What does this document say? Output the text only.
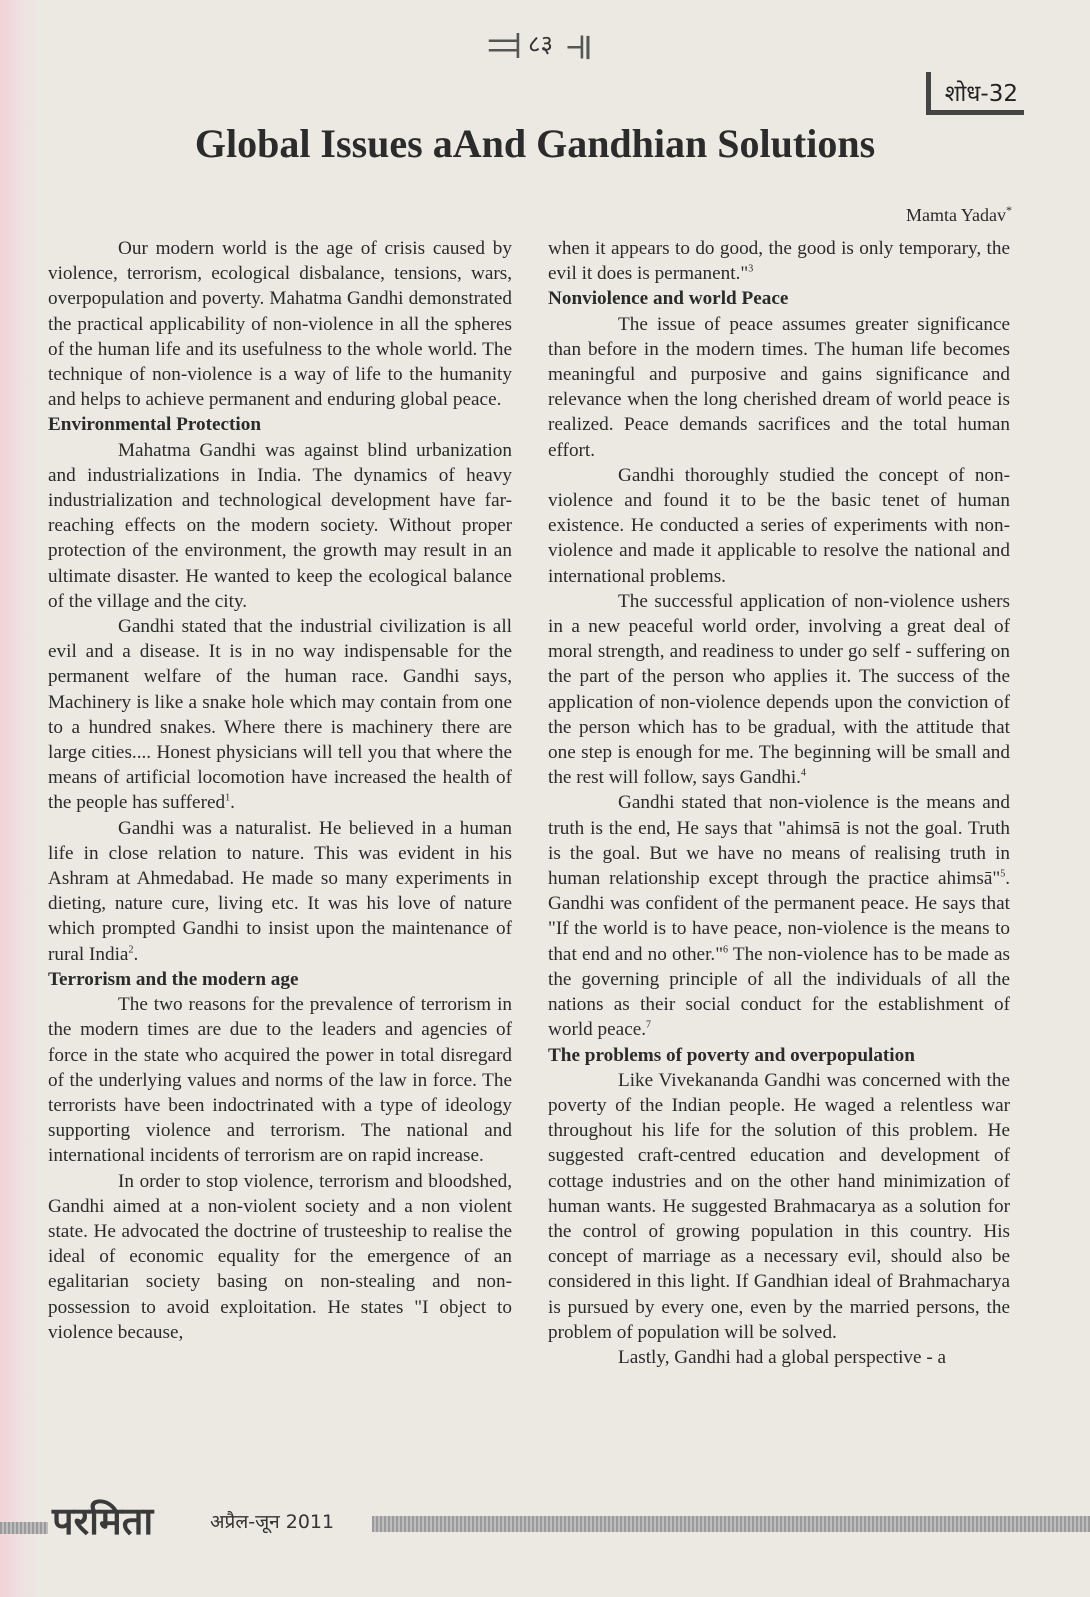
⫤ ८३ ⫣
शोध-32
Global Issues aAnd Gandhian Solutions
Mamta Yadav*

Our modern world is the age of crisis caused by violence, terrorism, ecological disbalance, tensions, wars, overpopulation and poverty. Mahatma Gandhi demonstrated the practical applicability of non-violence in all the spheres of the human life and its usefulness to the whole world. The technique of non-violence is a way of life to the humanity and helps to achieve permanent and enduring global peace.

Environmental Protection

Mahatma Gandhi was against blind urbanization and industrializations in India. The dynamics of heavy industrialization and technological development have far-reaching effects on the modern society. Without proper protection of the environment, the growth may result in an ultimate disaster. He wanted to keep the ecological balance of the village and the city.

Gandhi stated that the industrial civilization is all evil and a disease. It is in no way indispensable for the permanent welfare of the human race. Gandhi says, Machinery is like a snake hole which may contain from one to a hundred snakes. Where there is machinery there are large cities.... Honest physicians will tell you that where the means of artificial locomotion have increased the health of the people has suffered$^1$.

Gandhi was a naturalist. He believed in a human life in close relation to nature. This was evident in his Ashram at Ahmedabad. He made so many experiments in dieting, nature cure, living etc. It was his love of nature which prompted Gandhi to insist upon the maintenance of rural India$^2$.

Terrorism and the modern age

The two reasons for the prevalence of terrorism in the modern times are due to the leaders and agencies of force in the state who acquired the power in total disregard of the underlying values and norms of the law in force. The terrorists have been indoctrinated with a type of ideology supporting violence and terrorism. The national and international incidents of terrorism are on rapid increase.

In order to stop violence, terrorism and bloodshed, Gandhi aimed at a non-violent society and a non violent state. He advocated the doctrine of trusteeship to realise the ideal of economic equality for the emergence of an egalitarian society basing on non-stealing and non-possession to avoid exploitation. He states "I object to violence because,

when it appears to do good, the good is only temporary, the evil it does is permanent."$^3$

Nonviolence and world Peace

The issue of peace assumes greater significance than before in the modern times. The human life becomes meaningful and purposive and gains significance and relevance when the long cherished dream of world peace is realized. Peace demands sacrifices and the total human effort.

Gandhi thoroughly studied the concept of non-violence and found it to be the basic tenet of human existence. He conducted a series of experiments with non-violence and made it applicable to resolve the national and international problems.

The successful application of non-violence ushers in a new peaceful world order, involving a great deal of moral strength, and readiness to under go self - suffering on the part of the person who applies it. The success of the application of non-violence depends upon the conviction of the person which has to be gradual, with the attitude that one step is enough for me. The beginning will be small and the rest will follow, says Gandhi.$^4$

Gandhi stated that non-violence is the means and truth is the end, He says that "ahimsā is not the goal. Truth is the goal. But we have no means of realising truth in human relationship except through the practice ahimsā"$^5$. Gandhi was confident of the permanent peace. He says that "If the world is to have peace, non-violence is the means to that end and no other."$^6$ The non-violence has to be made as the governing principle of all the individuals of all the nations as their social conduct for the establishment of world peace.$^7$

The problems of poverty and overpopulation

Like Vivekananda Gandhi was concerned with the poverty of the Indian people. He waged a relentless war throughout his life for the solution of this problem. He suggested craft-centred education and development of cottage industries and on the other hand minimization of human wants. He suggested Brahmacarya as a solution for the control of growing population in this country. His concept of marriage as a necessary evil, should also be considered in this light. If Gandhian ideal of Brahmacharya is pursued by every one, even by the married persons, the problem of population will be solved.

Lastly, Gandhi had a global perspective - a

परमिता	अप्रैल-जून 2011
